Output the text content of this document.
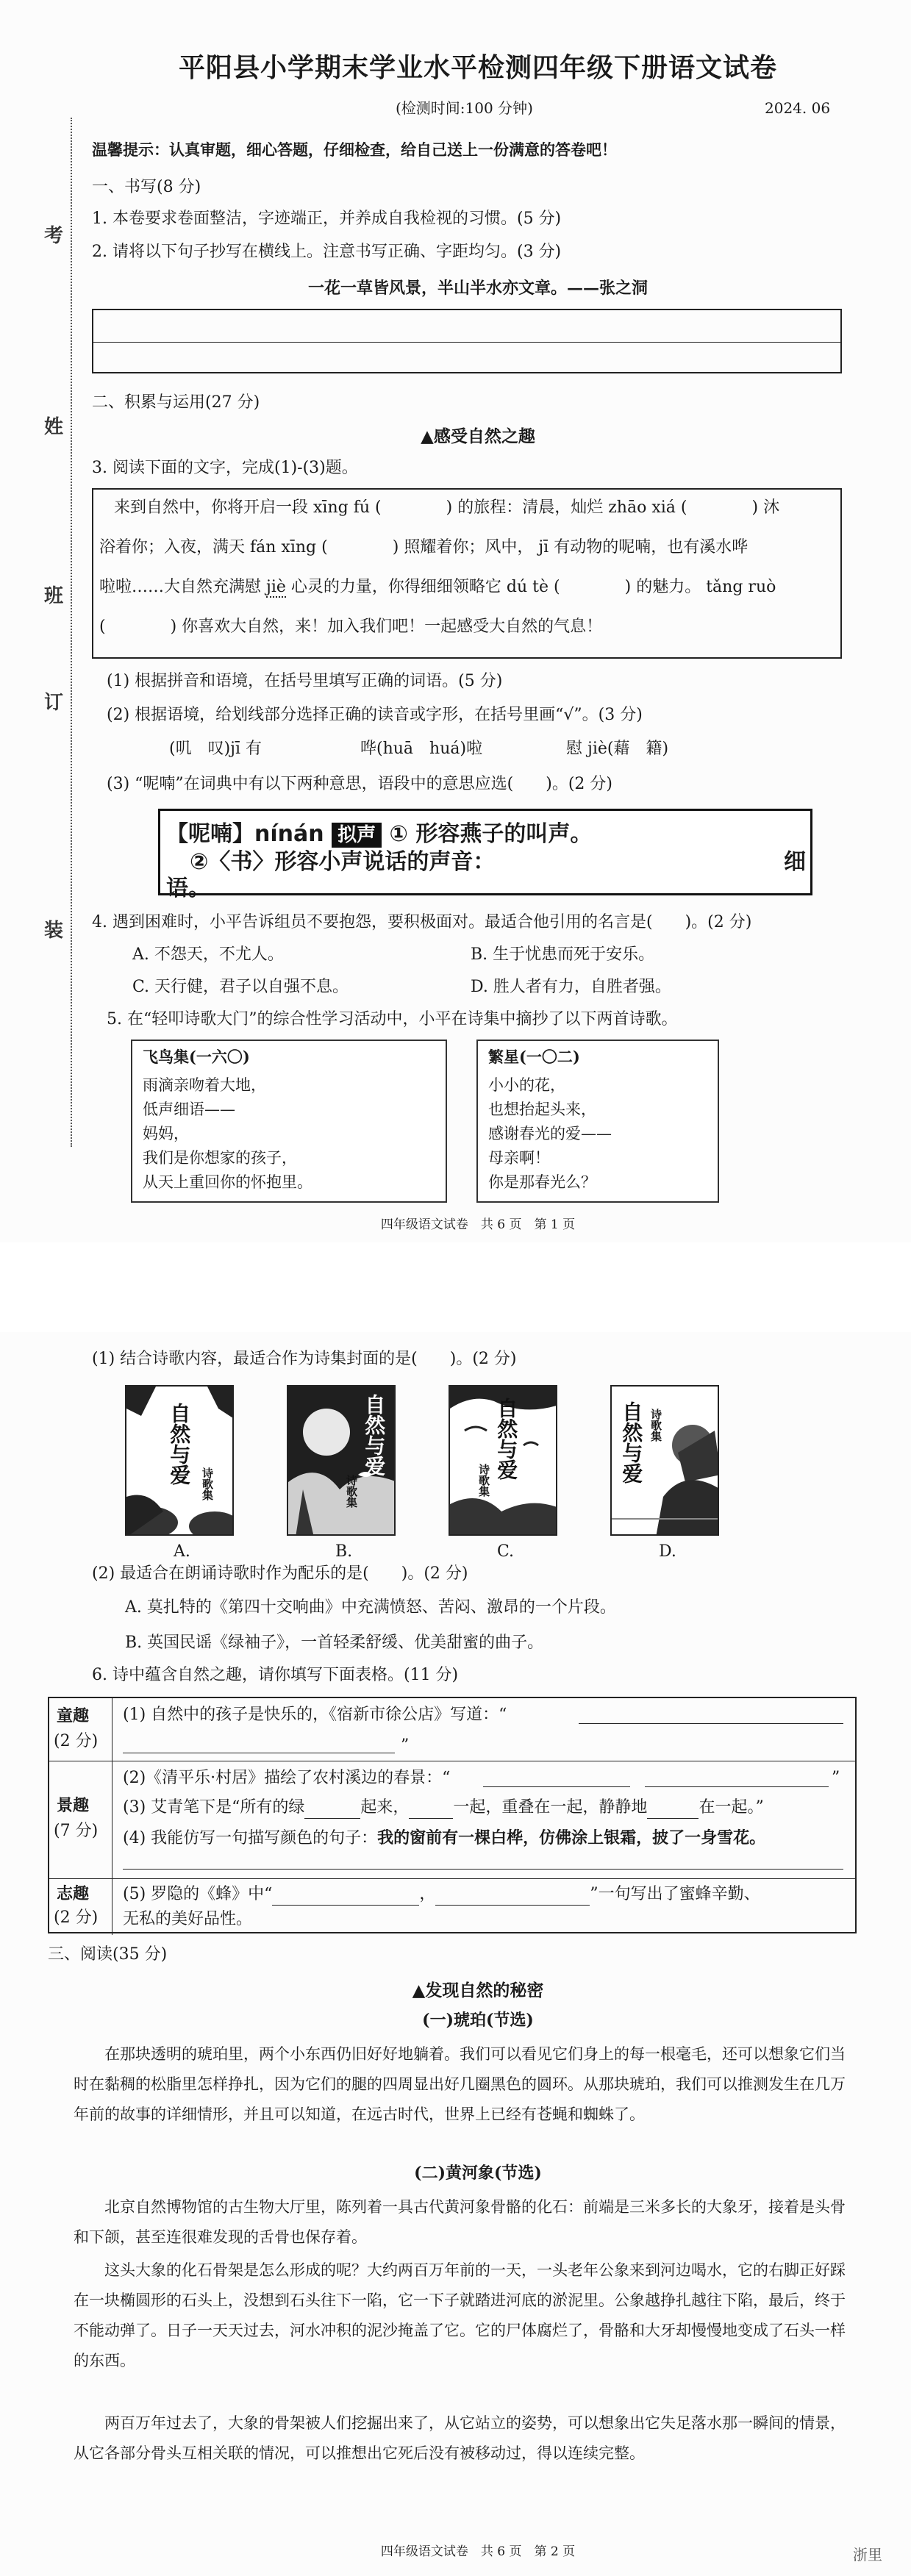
考
姓
班
订
装
平阳县小学期末学业水平检测四年级下册语文试卷
(检测时间:100 分钟)	2024. 06
温馨提示：认真审题，细心答题，仔细检查，给自己送上一份满意的答卷吧！
一、书写(8 分)
1. 本卷要求卷面整洁，字迹端正，并养成自我检视的习惯。(5 分)
2. 请将以下句子抄写在横线上。注意书写正确、字距均匀。(3 分)
一花一草皆风景，半山半水亦文章。——张之洞
二、积累与运用(27 分)
▲感受自然之趣
3. 阅读下面的文字，完成(1)-(3)题。
来到自然中，你将开启一段 xīng fú (　　　　) 的旅程：清晨，灿烂 zhāo xiá (　　　　) 沐
浴着你；入夜，满天 fán xīng (　　　　) 照耀着你；风中， jī 有动物的呢喃，也有溪水哗
啦啦……大自然充满慰 jiè 心灵的力量，你得细细领略它 dú tè (　　　　) 的魅力。 tǎng ruò
(　　　　) 你喜欢大自然，来！加入我们吧！一起感受大自然的气息！
(1) 根据拼音和语境，在括号里填写正确的词语。(5 分)
(2) 根据语境，给划线部分选择正确的读音或字形，在括号里画“√”。(3 分)
(叽　叹)jī 有	哗(huā　huá)啦	慰 jiè(藉　籍)
(3) “呢喃”在词典中有以下两种意思，语段中的意思应选(　　)。(2 分)
【呢喃】nínán 拟声 ① 形容燕子的叫声。
②〈书〉形容小声说话的声音：	细
语。
4. 遇到困难时，小平告诉组员不要抱怨，要积极面对。最适合他引用的名言是(　　)。(2 分)
A. 不怨天，不尤人。	B. 生于忧患而死于安乐。
C. 天行健，君子以自强不息。	D. 胜人者有力，自胜者强。
5. 在“轻叩诗歌大门”的综合性学习活动中，小平在诗集中摘抄了以下两首诗歌。
飞鸟集(一六〇)
雨滴亲吻着大地，
低声细语——
妈妈，
我们是你想家的孩子，
从天上重回你的怀抱里。
繁星(一〇二)
小小的花，
也想抬起头来，
感谢春光的爱——
母亲啊！
你是那春光么？
四年级语文试卷　共 6 页　第 1 页
(1) 结合诗歌内容，最适合作为诗集封面的是(　　)。(2 分)
自然与爱 诗歌集
自然与爱
诗歌集
自然与爱
诗歌集	自然与爱 诗歌集
A.	B.	C.	D.
(2) 最适合在朗诵诗歌时作为配乐的是(　　)。(2 分)
A. 莫扎特的《第四十交响曲》中充满愤怒、苦闷、激昂的一个片段。
B. 英国民谣《绿袖子》，一首轻柔舒缓、优美甜蜜的曲子。
6. 诗中蕴含自然之趣，请你填写下面表格。(11 分)
童趣
(2 分)
(1) 自然中的孩子是快乐的，《宿新市徐公店》写道：“
”
景趣
(7 分)
(2)《清平乐·村居》描绘了农村溪边的春景：“	”
(3) 艾青笔下是“所有的绿	起来，	一起，重叠在一起，静静地	在一起。”
(4) 我能仿写一句描写颜色的句子：我的窗前有一棵白桦，仿佛涂上银霜，披了一身雪花。
志趣
(2 分)
(5) 罗隐的《蜂》中“	，	”一句写出了蜜蜂辛勤、
无私的美好品性。
三、阅读(35 分)
▲发现自然的秘密
(一)琥珀(节选)
在那块透明的琥珀里，两个小东西仍旧好好地躺着。我们可以看见它们身上的每一根毫毛，还可以想象它们当时在黏稠的松脂里怎样挣扎，因为它们的腿的四周显出好几圈黑色的圆环。从那块琥珀，我们可以推测发生在几万年前的故事的详细情形，并且可以知道，在远古时代，世界上已经有苍蝇和蜘蛛了。
(二)黄河象(节选)
北京自然博物馆的古生物大厅里，陈列着一具古代黄河象骨骼的化石：前端是三米多长的大象牙，接着是头骨和下颌，甚至连很难发现的舌骨也保存着。
这头大象的化石骨架是怎么形成的呢？大约两百万年前的一天，一头老年公象来到河边喝水，它的右脚正好踩在一块椭圆形的石头上，没想到石头往下一陷，它一下子就踏进河底的淤泥里。公象越挣扎越往下陷，最后，终于不能动弹了。日子一天天过去，河水冲积的泥沙掩盖了它。它的尸体腐烂了，骨骼和大牙却慢慢地变成了石头一样的东西。
两百万年过去了，大象的骨架被人们挖掘出来了，从它站立的姿势，可以想象出它失足落水那一瞬间的情景，从它各部分骨头互相关联的情况，可以推想出它死后没有被移动过，得以连续完整。
四年级语文试卷　共 6 页　第 2 页	浙里
